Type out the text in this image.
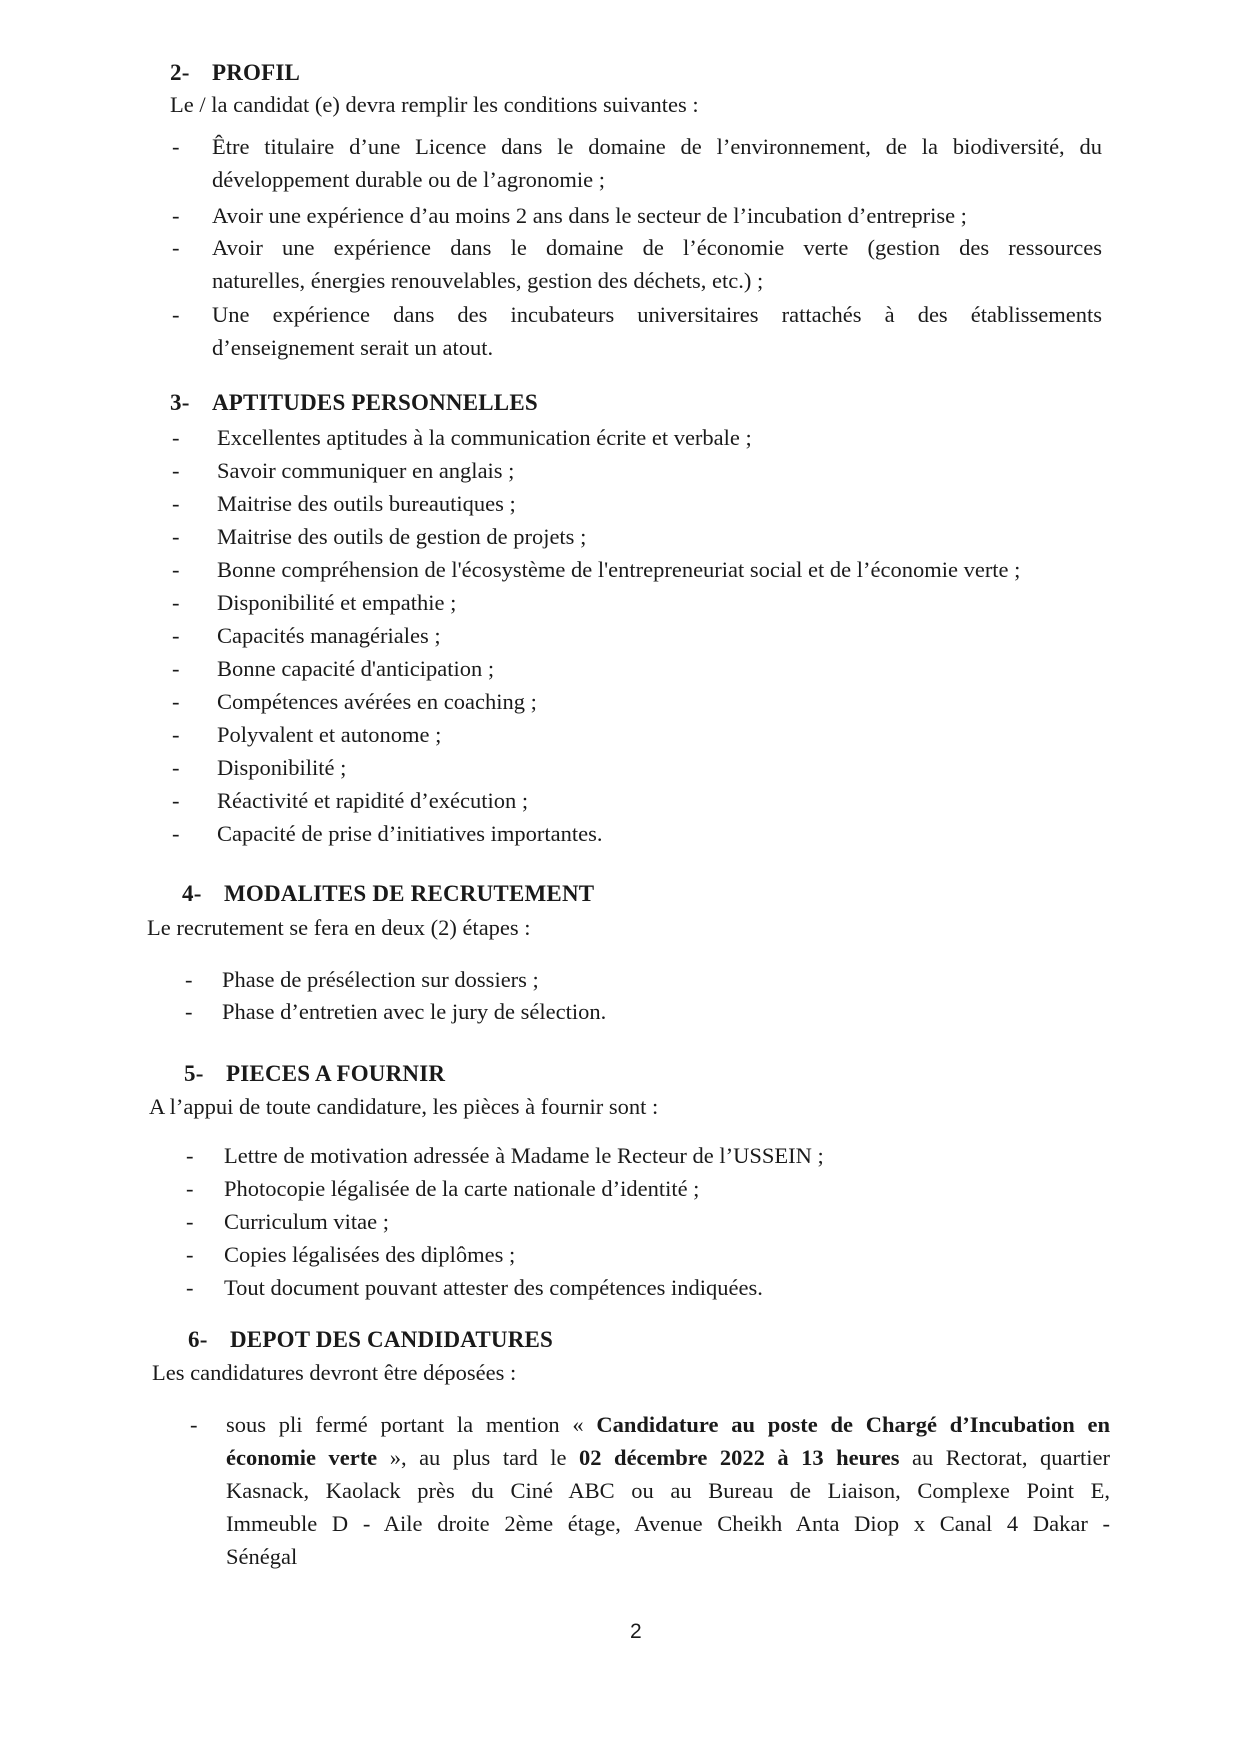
2- PROFIL
Le / la candidat (e) devra remplir les conditions suivantes :
- Être titulaire d’une Licence dans le domaine de l’environnement, de la biodiversité, du
développement durable ou de l’agronomie ;
- Avoir une expérience d’au moins 2 ans dans le secteur de l’incubation d’entreprise ;
- Avoir une expérience dans le domaine de l’économie verte (gestion des ressources
naturelles, énergies renouvelables, gestion des déchets, etc.) ;
- Une expérience dans des incubateurs universitaires rattachés à des établissements
d’enseignement serait un atout.
3- APTITUDES PERSONNELLES
- Excellentes aptitudes à la communication écrite et verbale ;
- Savoir communiquer en anglais ;
- Maitrise des outils bureautiques ;
- Maitrise des outils de gestion de projets ;
- Bonne compréhension de l'écosystème de l'entrepreneuriat social et de l’économie verte ;
- Disponibilité et empathie ;
- Capacités managériales ;
- Bonne capacité d'anticipation ;
- Compétences avérées en coaching ;
- Polyvalent et autonome ;
- Disponibilité ;
- Réactivité et rapidité d’exécution ;
- Capacité de prise d’initiatives importantes.
4- MODALITES DE RECRUTEMENT
Le recrutement se fera en deux (2) étapes :
- Phase de présélection sur dossiers ;
- Phase d’entretien avec le jury de sélection.
5- PIECES A FOURNIR
A l’appui de toute candidature, les pièces à fournir sont :
- Lettre de motivation adressée à Madame le Recteur de l’USSEIN ;
- Photocopie légalisée de la carte nationale d’identité ;
- Curriculum vitae ;
- Copies légalisées des diplômes ;
- Tout document pouvant attester des compétences indiquées.
6- DEPOT DES CANDIDATURES
Les candidatures devront être déposées :
- sous pli fermé portant la mention « Candidature au poste de Chargé d’Incubation en
économie verte », au plus tard le 02 décembre 2022 à 13 heures au Rectorat, quartier
Kasnack, Kaolack près du Ciné ABC ou au Bureau de Liaison, Complexe Point E,
Immeuble D - Aile droite 2ème étage, Avenue Cheikh Anta Diop x Canal 4 Dakar -
Sénégal
2
